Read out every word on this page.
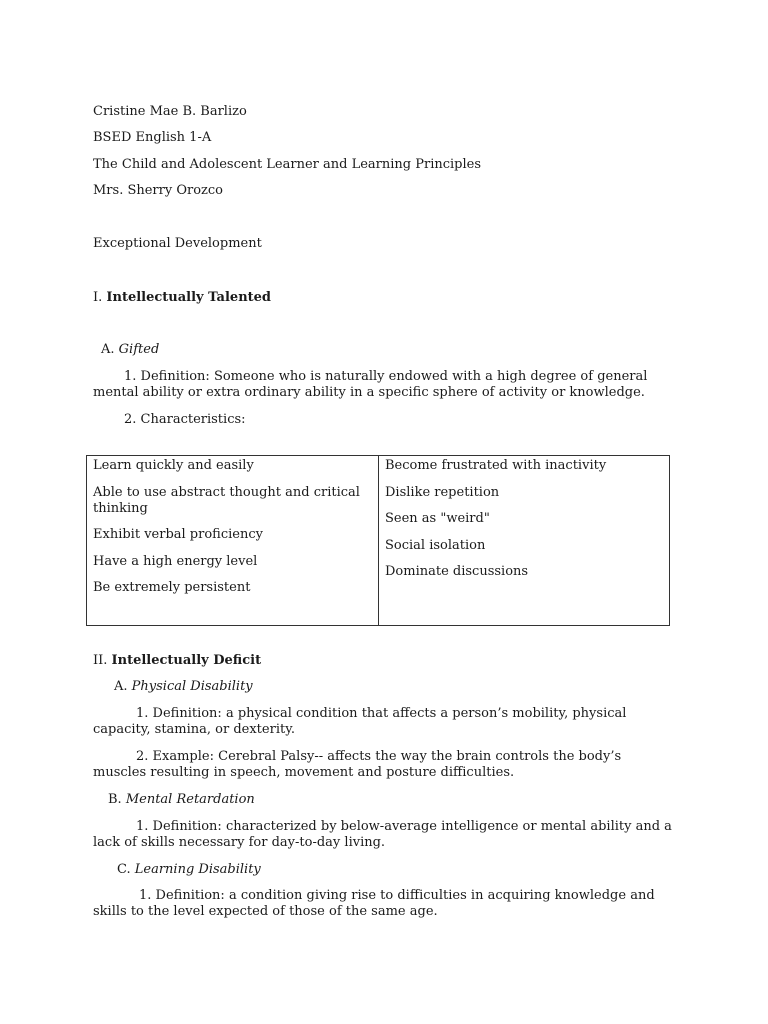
Cristine Mae B. Barlizo
BSED English 1-A
The Child and Adolescent Learner and Learning Principles
Mrs. Sherry Orozco
Exceptional Development
I. Intellectually Talented
A. Gifted
1. Definition: Someone who is naturally endowed with a high degree of general mental ability or extra ordinary ability in a specific sphere of activity or knowledge.
2. Characteristics:
Learn quickly and easily
Able to use abstract thought and critical thinking
Exhibit verbal proficiency
Have a high energy level
Be extremely persistent
Become frustrated with inactivity
Dislike repetition
Seen as "weird"
Social isolation
Dominate discussions
II. Intellectually Deficit
A. Physical Disability
1. Definition: a physical condition that affects a person’s mobility, physical capacity, stamina, or dexterity.
2. Example: Cerebral Palsy-- affects the way the brain controls the body’s muscles resulting in speech, movement and posture difficulties.
B. Mental Retardation
1. Definition: characterized by below-average intelligence or mental ability and a lack of skills necessary for day-to-day living.
C. Learning Disability
1. Definition: a condition giving rise to difficulties in acquiring knowledge and skills to the level expected of those of the same age.
